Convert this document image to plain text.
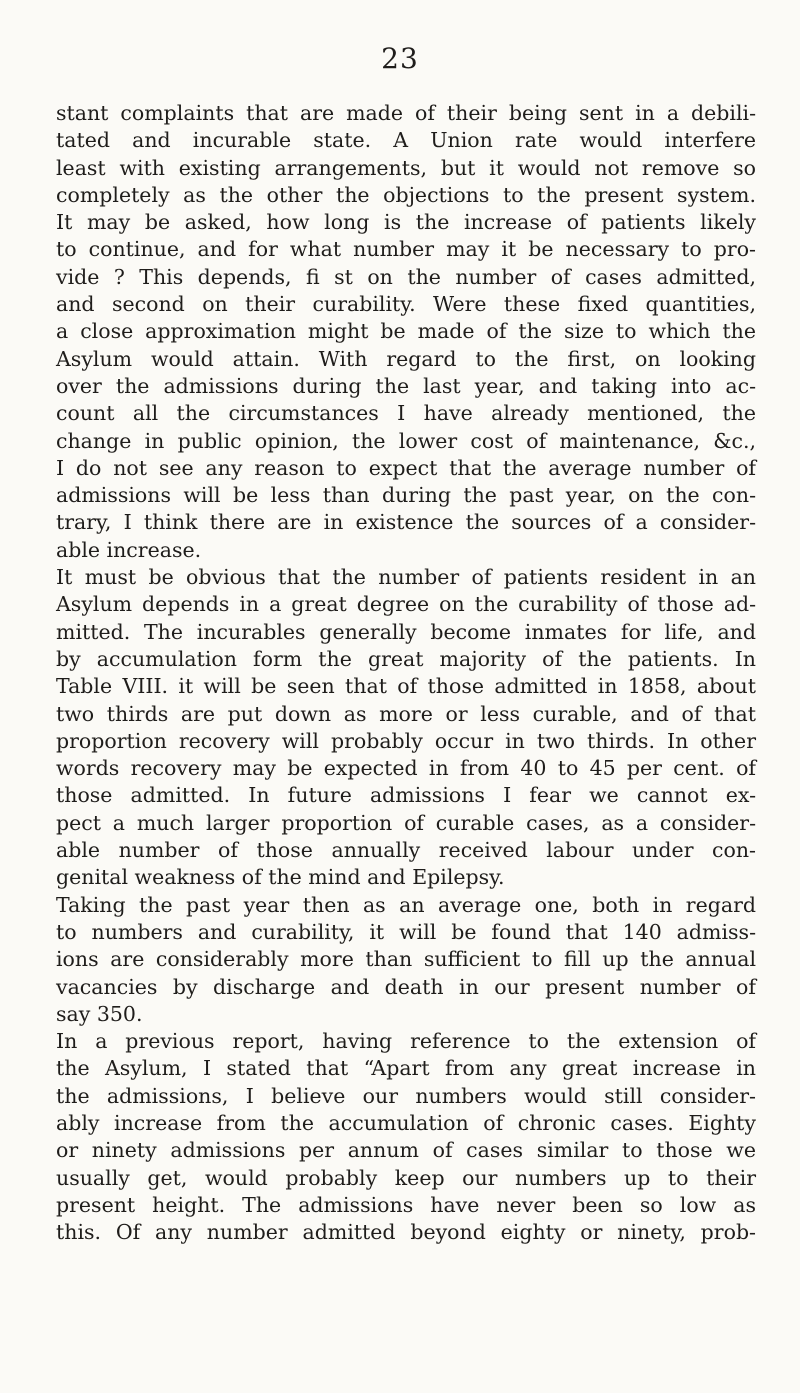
23
stant complaints that are made of their being sent in a debili-
tated and incurable state. A Union rate would interfere
least with existing arrangements, but it would not remove so
completely as the other the objections to the present system.
It may be asked, how long is the increase of patients likely
to continue, and for what number may it be necessary to pro-
vide ? This depends, fi st on the number of cases admitted,
and second on their curability. Were these fixed quantities,
a close approximation might be made of the size to which the
Asylum would attain. With regard to the first, on looking
over the admissions during the last year, and taking into ac-
count all the circumstances I have already mentioned, the
change in public opinion, the lower cost of maintenance, &c.,
I do not see any reason to expect that the average number of
admissions will be less than during the past year, on the con-
trary, I think there are in existence the sources of a consider-
able increase.
It must be obvious that the number of patients resident in an
Asylum depends in a great degree on the curability of those ad-
mitted. The incurables generally become inmates for life, and
by accumulation form the great majority of the patients. In
Table VIII. it will be seen that of those admitted in 1858, about
two thirds are put down as more or less curable, and of that
proportion recovery will probably occur in two thirds. In other
words recovery may be expected in from 40 to 45 per cent. of
those admitted. In future admissions I fear we cannot ex-
pect a much larger proportion of curable cases, as a consider-
able number of those annually received labour under con-
genital weakness of the mind and Epilepsy.
Taking the past year then as an average one, both in regard
to numbers and curability, it will be found that 140 admiss-
ions are considerably more than sufficient to fill up the annual
vacancies by discharge and death in our present number of
say 350.
In a previous report, having reference to the extension of
the Asylum, I stated that “Apart from any great increase in
the admissions, I believe our numbers would still consider-
ably increase from the accumulation of chronic cases. Eighty
or ninety admissions per annum of cases similar to those we
usually get, would probably keep our numbers up to their
present height. The admissions have never been so low as
this. Of any number admitted beyond eighty or ninety, prob-
